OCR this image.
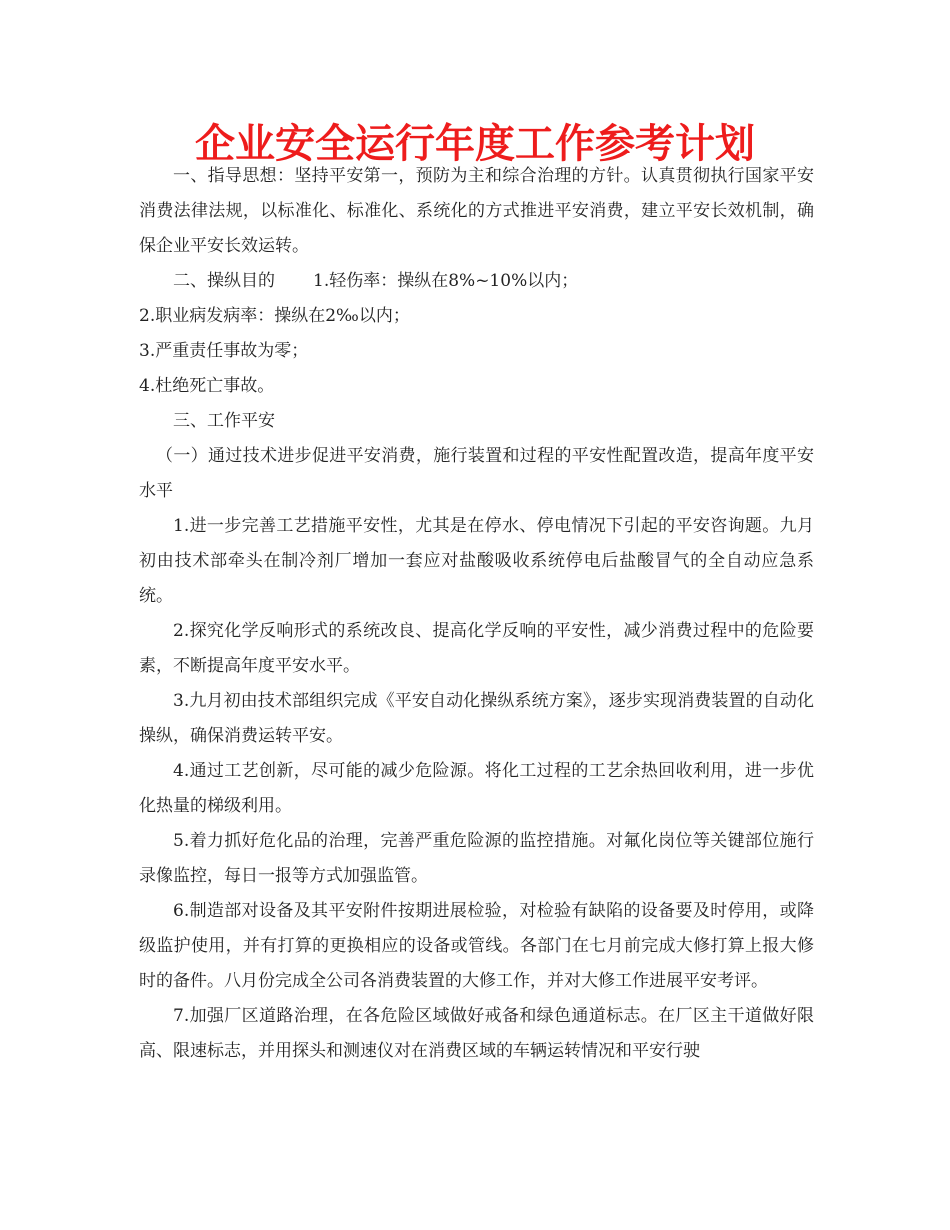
企业安全运行年度工作参考计划

一、指导思想：坚持平安第一，预防为主和综合治理的方针。认真贯彻执行国家平安消费法律法规，以标准化、标准化、系统化的方式推进平安消费，建立平安长效机制，确保企业平安长效运转。

二、操纵目的 1.轻伤率：操纵在8%~10%以内；

2.职业病发病率：操纵在2‰以内；

3.严重责任事故为零；

4.杜绝死亡事故。

三、工作平安

（一）通过技术进步促进平安消费，施行装置和过程的平安性配置改造，提高年度平安水平

1.进一步完善工艺措施平安性，尤其是在停水、停电情况下引起的平安咨询题。九月初由技术部牵头在制冷剂厂增加一套应对盐酸吸收系统停电后盐酸冒气的全自动应急系统。

2.探究化学反响形式的系统改良、提高化学反响的平安性，减少消费过程中的危险要素，不断提高年度平安水平。

3.九月初由技术部组织完成《平安自动化操纵系统方案》，逐步实现消费装置的自动化操纵，确保消费运转平安。

4.通过工艺创新，尽可能的减少危险源。将化工过程的工艺余热回收利用，进一步优化热量的梯级利用。

5.着力抓好危化品的治理，完善严重危险源的监控措施。对氟化岗位等关键部位施行录像监控，每日一报等方式加强监管。

6.制造部对设备及其平安附件按期进展检验，对检验有缺陷的设备要及时停用，或降级监护使用，并有打算的更换相应的设备或管线。各部门在七月前完成大修打算上报大修时的备件。八月份完成全公司各消费装置的大修工作，并对大修工作进展平安考评。

7.加强厂区道路治理，在各危险区域做好戒备和绿色通道标志。在厂区主干道做好限高、限速标志，并用探头和测速仪对在消费区域的车辆运转情况和平安行驶
